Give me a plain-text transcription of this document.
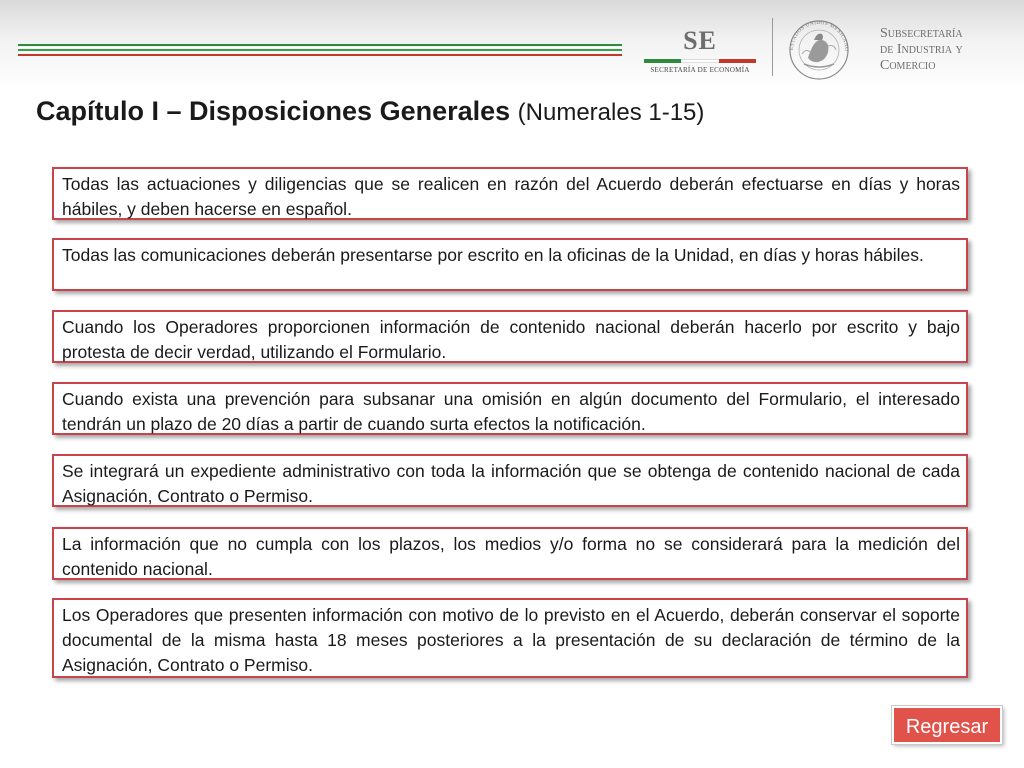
SE
SECRETARÍA DE ECONOMÍA
ESTADOS UNIDOS MEXICANO
Subsecretaría
de Industria y
Comercio
Capítulo I – Disposiciones Generales (Numerales 1-15)
Todas las actuaciones y diligencias que se realicen en razón del Acuerdo deberán efectuarse en días y horas hábiles, y deben hacerse en español.
Todas las comunicaciones deberán presentarse por escrito en la oficinas de la Unidad, en días y horas hábiles.
Cuando los Operadores proporcionen información de contenido nacional deberán hacerlo por escrito y bajo protesta de decir verdad, utilizando el Formulario.
Cuando exista una prevención para subsanar una omisión en algún documento del Formulario, el interesado tendrán un plazo de 20 días a partir de cuando surta efectos la notificación.
Se integrará un expediente administrativo con toda la información que se obtenga de contenido nacional de cada Asignación, Contrato o Permiso.
La información que no cumpla con los plazos, los medios y/o forma no se considerará para la medición del contenido nacional.
Los Operadores que presenten información con motivo de lo previsto en el Acuerdo, deberán conservar el soporte documental de la misma hasta 18 meses posteriores a la presentación de su declaración de término de la Asignación, Contrato o Permiso.
Regresar
